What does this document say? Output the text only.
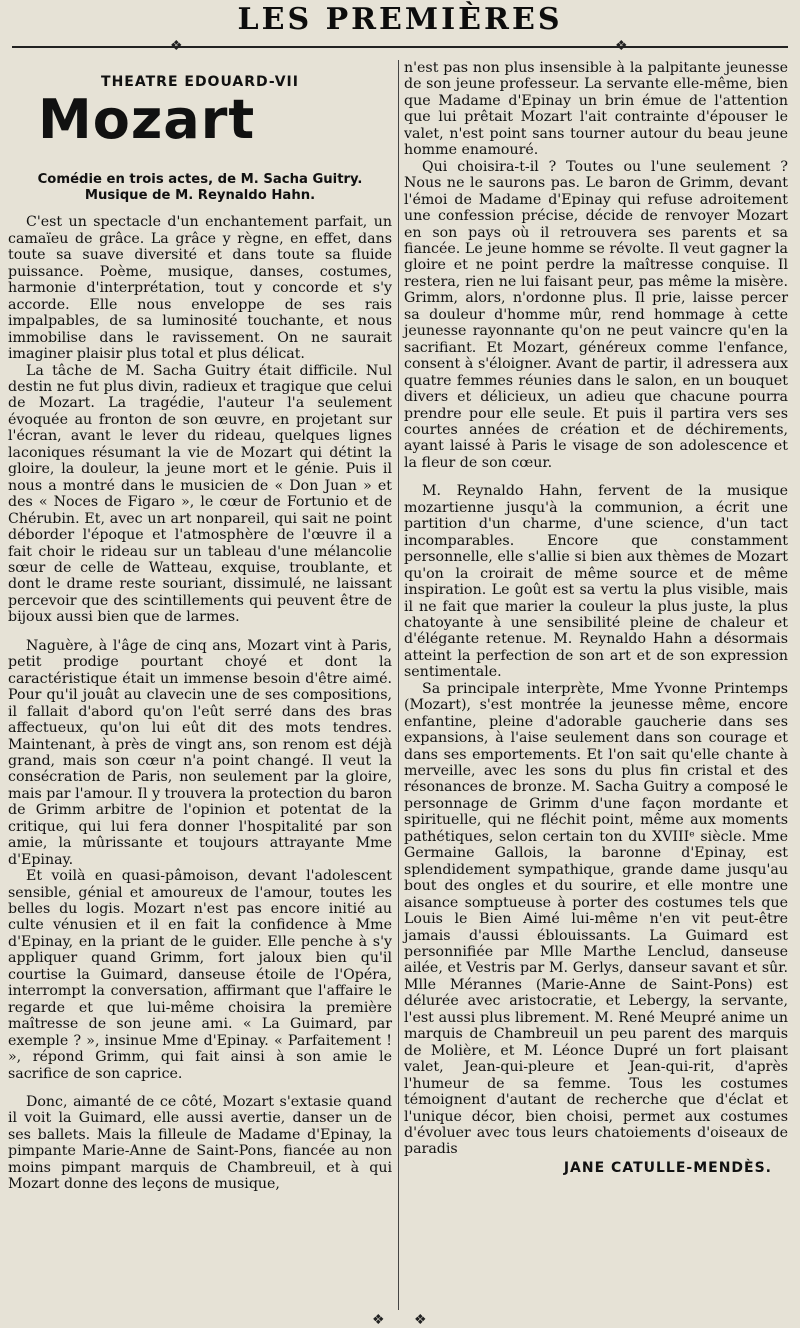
LES PREMIÈRES
THEATRE EDOUARD-VII
Mozart
Comédie en trois actes, de M. Sacha Guitry.
Musique de M. Reynaldo Hahn.

C'est un spectacle d'un enchantement parfait, un camaïeu de grâce. La grâce y règne, en effet, dans toute sa suave diversité et dans toute sa fluide puissance. Poème, musique, danses, costumes, harmonie d'interprétation, tout y concorde et s'y accorde. Elle nous enveloppe de ses rais impalpables, de sa luminosité touchante, et nous immobilise dans le ravissement. On ne saurait imaginer plaisir plus total et plus délicat.

La tâche de M. Sacha Guitry était difficile. Nul destin ne fut plus divin, radieux et tragique que celui de Mozart. La tragédie, l'auteur l'a seulement évoquée au fronton de son œuvre, en projetant sur l'écran, avant le lever du rideau, quelques lignes laconiques résumant la vie de Mozart qui détint la gloire, la douleur, la jeune mort et le génie. Puis il nous a montré dans le musicien de « Don Juan » et des « Noces de Figaro », le cœur de Fortunio et de Chérubin. Et, avec un art nonpareil, qui sait ne point déborder l'époque et l'atmosphère de l'œuvre il a fait choir le rideau sur un tableau d'une mélancolie sœur de celle de Watteau, exquise, troublante, et dont le drame reste souriant, dissimulé, ne laissant percevoir que des scintillements qui peuvent être de bijoux aussi bien que de larmes.

Naguère, à l'âge de cinq ans, Mozart vint à Paris, petit prodige pourtant choyé et dont la caractéristique était un immense besoin d'être aimé. Pour qu'il jouât au clavecin une de ses compositions, il fallait d'abord qu'on l'eût serré dans des bras affectueux, qu'on lui eût dit des mots tendres. Maintenant, à près de vingt ans, son renom est déjà grand, mais son cœur n'a point changé. Il veut la consécration de Paris, non seulement par la gloire, mais par l'amour. Il y trouvera la protection du baron de Grimm arbitre de l'opinion et potentat de la critique, qui lui fera donner l'hospitalité par son amie, la mûrissante et toujours attrayante Mme d'Epinay.

Et voilà en quasi-pâmoison, devant l'adolescent sensible, génial et amoureux de l'amour, toutes les belles du logis. Mozart n'est pas encore initié au culte vénusien et il en fait la confidence à Mme d'Epinay, en la priant de le guider. Elle penche à s'y appliquer quand Grimm, fort jaloux bien qu'il courtise la Guimard, danseuse étoile de l'Opéra, interrompt la conversation, affirmant que l'affaire le regarde et que lui-même choisira la première maîtresse de son jeune ami. « La Guimard, par exemple ? », insinue Mme d'Epinay. « Parfaitement ! », répond Grimm, qui fait ainsi à son amie le sacrifice de son caprice.

Donc, aimanté de ce côté, Mozart s'extasie quand il voit la Guimard, elle aussi avertie, danser un de ses ballets. Mais la filleule de Madame d'Epinay, la pimpante Marie-Anne de Saint-Pons, fiancée au non moins pimpant marquis de Chambreuil, et à qui Mozart donne des leçons de musique,

n'est pas non plus insensible à la palpitante jeunesse de son jeune professeur. La servante elle-même, bien que Madame d'Epinay un brin émue de l'attention que lui prêtait Mozart l'ait contrainte d'épouser le valet, n'est point sans tourner autour du beau jeune homme enamouré.

Qui choisira-t-il ? Toutes ou l'une seulement ? Nous ne le saurons pas. Le baron de Grimm, devant l'émoi de Madame d'Epinay qui refuse adroitement une confession précise, décide de renvoyer Mozart en son pays où il retrouvera ses parents et sa fiancée. Le jeune homme se révolte. Il veut gagner la gloire et ne point perdre la maîtresse conquise. Il restera, rien ne lui faisant peur, pas même la misère. Grimm, alors, n'ordonne plus. Il prie, laisse percer sa douleur d'homme mûr, rend hommage à cette jeunesse rayonnante qu'on ne peut vaincre qu'en la sacrifiant. Et Mozart, généreux comme l'enfance, consent à s'éloigner. Avant de partir, il adressera aux quatre femmes réunies dans le salon, en un bouquet divers et délicieux, un adieu que chacune pourra prendre pour elle seule. Et puis il partira vers ses courtes années de création et de déchirements, ayant laissé à Paris le visage de son adolescence et la fleur de son cœur.

M. Reynaldo Hahn, fervent de la musique mozartienne jusqu'à la communion, a écrit une partition d'un charme, d'une science, d'un tact incomparables. Encore que constamment personnelle, elle s'allie si bien aux thèmes de Mozart qu'on la croirait de même source et de même inspiration. Le goût est sa vertu la plus visible, mais il ne fait que marier la couleur la plus juste, la plus chatoyante à une sensibilité pleine de chaleur et d'élégante retenue. M. Reynaldo Hahn a désormais atteint la perfection de son art et de son expression sentimentale.

Sa principale interprète, Mme Yvonne Printemps (Mozart), s'est montrée la jeunesse même, encore enfantine, pleine d'adorable gaucherie dans ses expansions, à l'aise seulement dans son courage et dans ses emportements. Et l'on sait qu'elle chante à merveille, avec les sons du plus fin cristal et des résonances de bronze. M. Sacha Guitry a composé le personnage de Grimm d'une façon mordante et spirituelle, qui ne fléchit point, même aux moments pathétiques, selon certain ton du XVIIIᵉ siècle. Mme Germaine Gallois, la baronne d'Epinay, est splendidement sympathique, grande dame jusqu'au bout des ongles et du sourire, et elle montre une aisance somptueuse à porter des costumes tels que Louis le Bien Aimé lui-même n'en vit peut-être jamais d'aussi éblouissants. La Guimard est personnifiée par Mlle Marthe Lenclud, danseuse ailée, et Vestris par M. Gerlys, danseur savant et sûr. Mlle Mérannes (Marie-Anne de Saint-Pons) est délurée avec aristocratie, et Lebergy, la servante, l'est aussi plus librement. M. René Meupré anime un marquis de Chambreuil un peu parent des marquis de Molière, et M. Léonce Dupré un fort plaisant valet, Jean-qui-pleure et Jean-qui-rit, d'après l'humeur de sa femme. Tous les costumes témoignent d'autant de recherche que d'éclat et l'unique décor, bien choisi, permet aux costumes d'évoluer avec tous leurs chatoiements d'oiseaux de paradis

JANE CATULLE-MENDÈS.
❖ ❖
